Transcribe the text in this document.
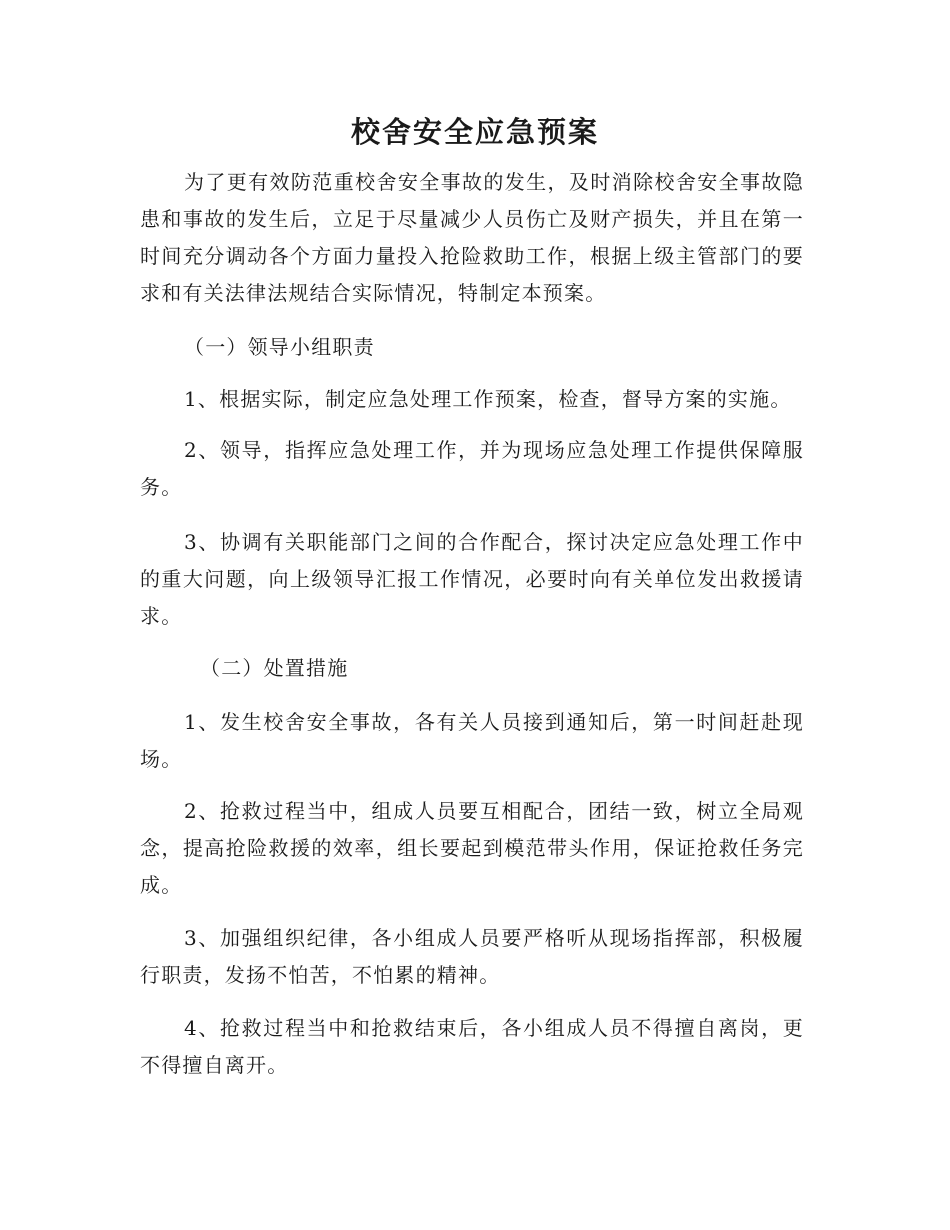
校舍安全应急预案

为了更有效防范重校舍安全事故的发生，及时消除校舍安全事故隐患和事故的发生后，立足于尽量减少人员伤亡及财产损失，并且在第一时间充分调动各个方面力量投入抢险救助工作，根据上级主管部门的要求和有关法律法规结合实际情况，特制定本预案。

（一）领导小组职责

1、根据实际，制定应急处理工作预案，检查，督导方案的实施。

2、领导，指挥应急处理工作，并为现场应急处理工作提供保障服务。

3、协调有关职能部门之间的合作配合，探讨决定应急处理工作中的重大问题，向上级领导汇报工作情况，必要时向有关单位发出救援请求。

（二）处置措施

1、发生校舍安全事故，各有关人员接到通知后，第一时间赶赴现场。

2、抢救过程当中，组成人员要互相配合，团结一致，树立全局观念，提高抢险救援的效率，组长要起到模范带头作用，保证抢救任务完成。

3、加强组织纪律，各小组成人员要严格听从现场指挥部，积极履行职责，发扬不怕苦，不怕累的精神。

4、抢救过程当中和抢救结束后，各小组成人员不得擅自离岗，更不得擅自离开。
